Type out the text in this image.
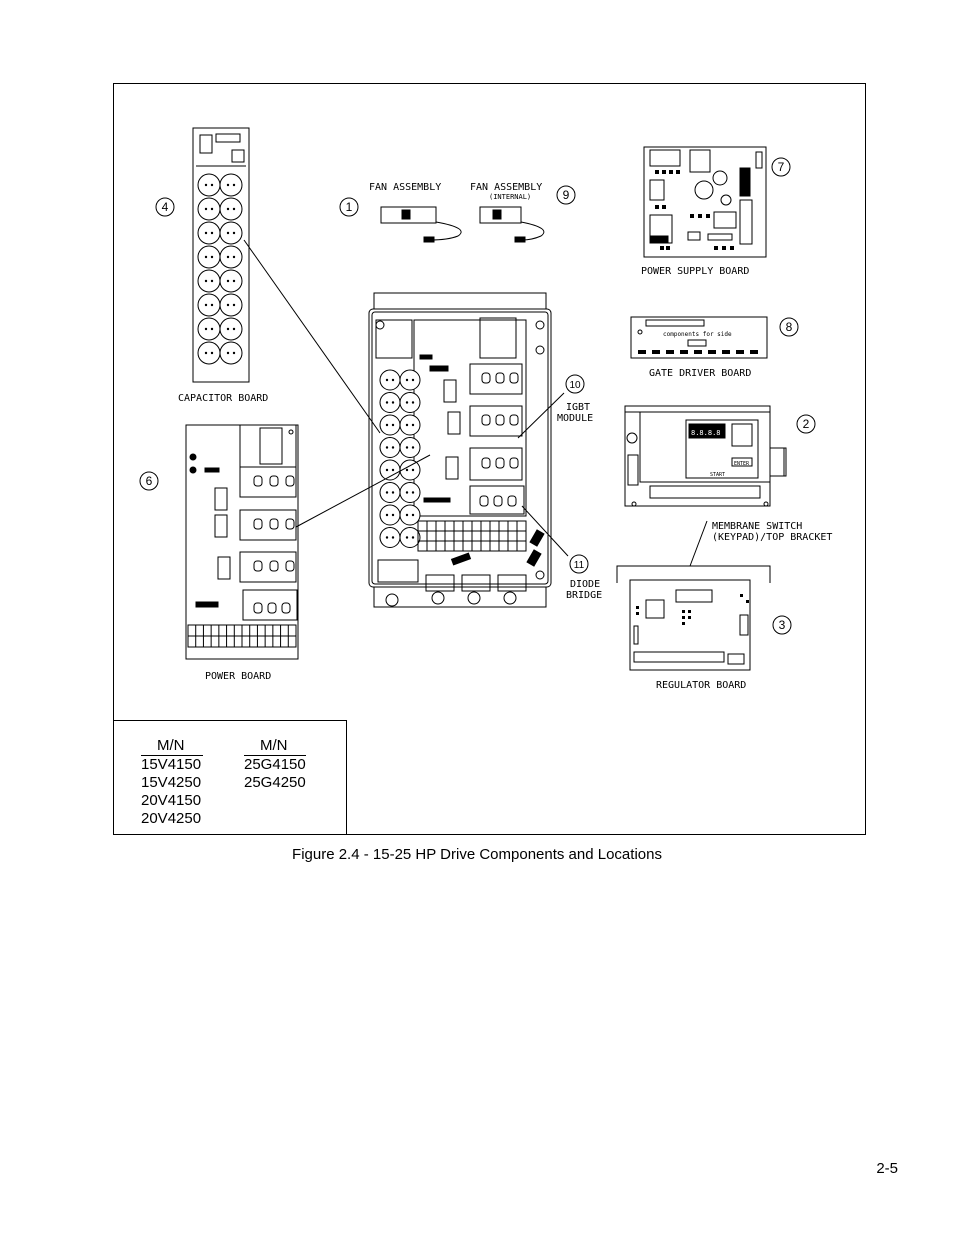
8.8.8.8
ENTER
START
1
9
4
7
8
10
2
6
11
3
FAN ASSEMBLY	FAN ASSEMBLY
(INTERNAL)
POWER SUPPLY BOARD
components for side
GATE DRIVER BOARD
CAPACITOR BOARD
IGBT
MODULE
MEMBRANE SWITCH
(KEYPAD)/TOP BRACKET
DIODE
BRIDGE
POWER BOARD
REGULATOR BOARD
M/N
15V4150
15V4250
20V4150
20V4250
M/N
25G4150
25G4250
Figure 2.4 - 15-25 HP Drive Components and Locations
2-5
